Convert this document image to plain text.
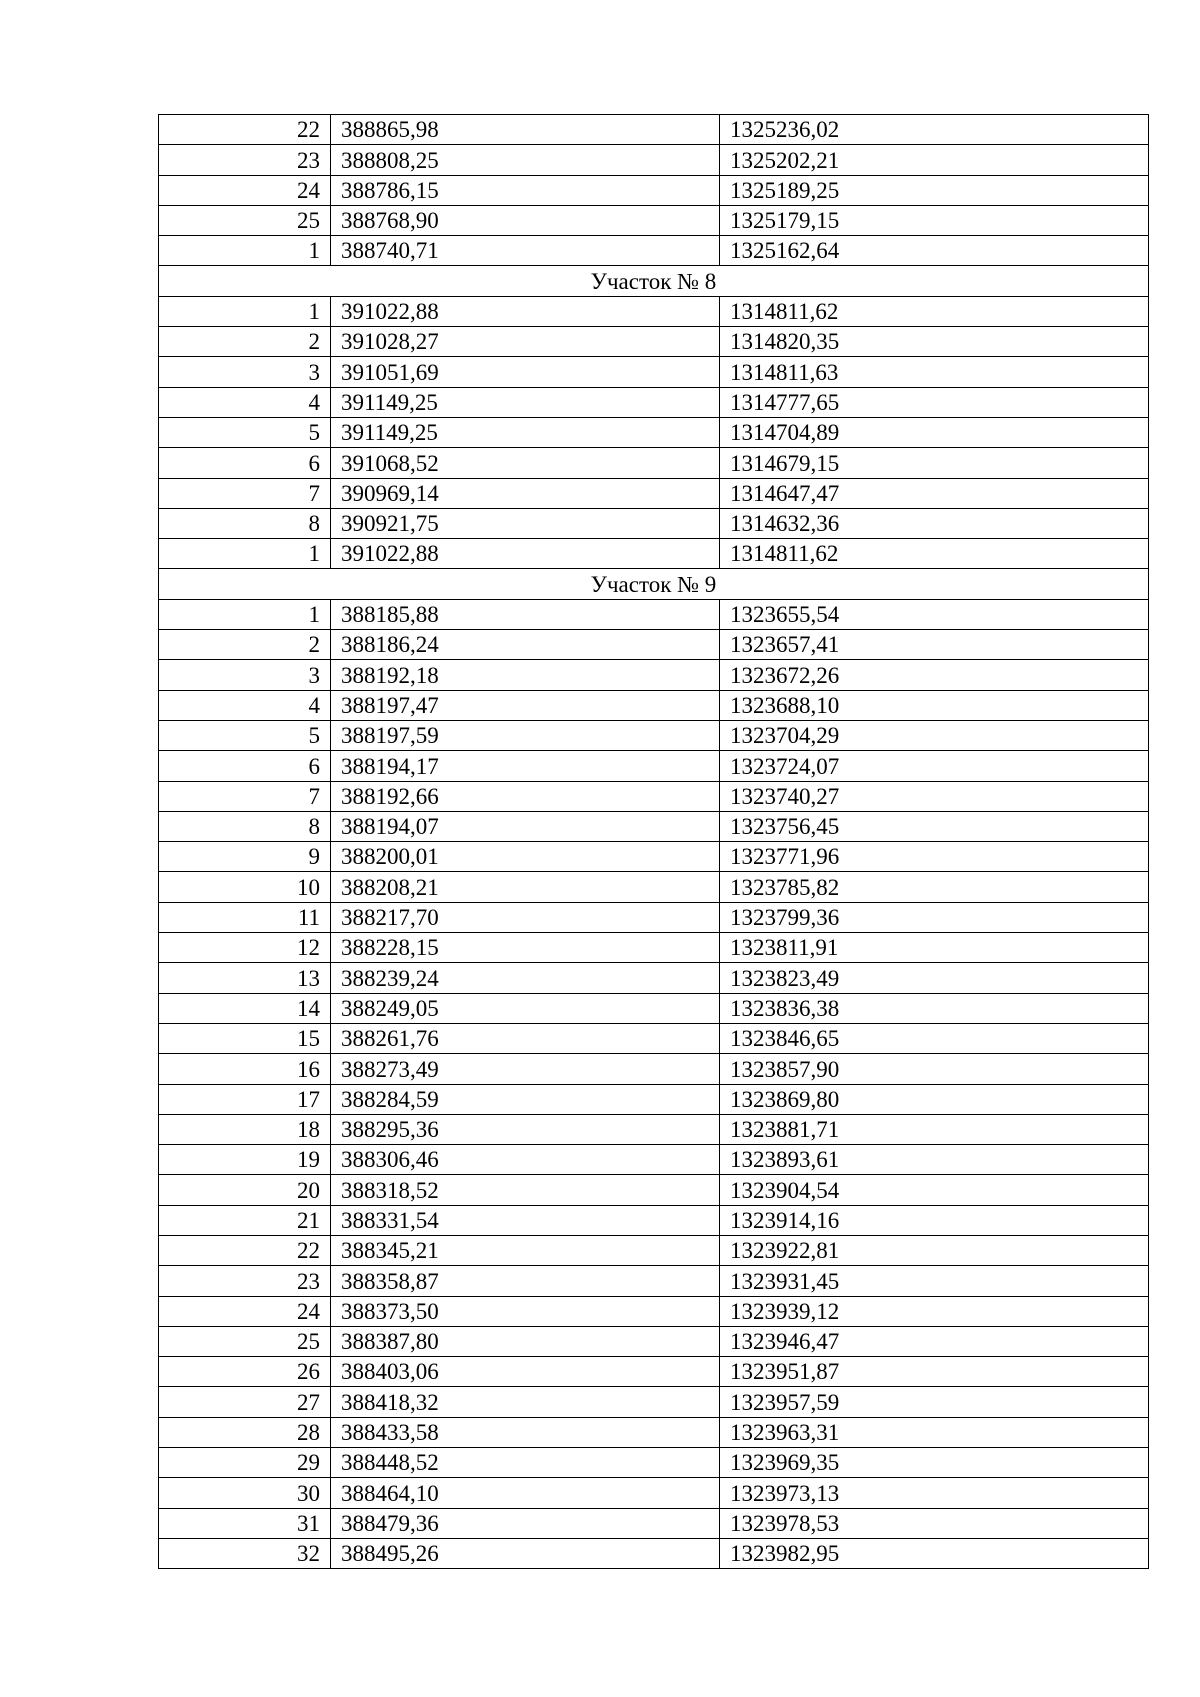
22	388865,98	1325236,02
23	388808,25	1325202,21
24	388786,15	1325189,25
25	388768,90	1325179,15
1	388740,71	1325162,64
Участок № 8		
1	391022,88	1314811,62
2	391028,27	1314820,35
3	391051,69	1314811,63
4	391149,25	1314777,65
5	391149,25	1314704,89
6	391068,52	1314679,15
7	390969,14	1314647,47
8	390921,75	1314632,36
1	391022,88	1314811,62
Участок № 9		
1	388185,88	1323655,54
2	388186,24	1323657,41
3	388192,18	1323672,26
4	388197,47	1323688,10
5	388197,59	1323704,29
6	388194,17	1323724,07
7	388192,66	1323740,27
8	388194,07	1323756,45
9	388200,01	1323771,96
10	388208,21	1323785,82
11	388217,70	1323799,36
12	388228,15	1323811,91
13	388239,24	1323823,49
14	388249,05	1323836,38
15	388261,76	1323846,65
16	388273,49	1323857,90
17	388284,59	1323869,80
18	388295,36	1323881,71
19	388306,46	1323893,61
20	388318,52	1323904,54
21	388331,54	1323914,16
22	388345,21	1323922,81
23	388358,87	1323931,45
24	388373,50	1323939,12
25	388387,80	1323946,47
26	388403,06	1323951,87
27	388418,32	1323957,59
28	388433,58	1323963,31
29	388448,52	1323969,35
30	388464,10	1323973,13
31	388479,36	1323978,53
32	388495,26	1323982,95
